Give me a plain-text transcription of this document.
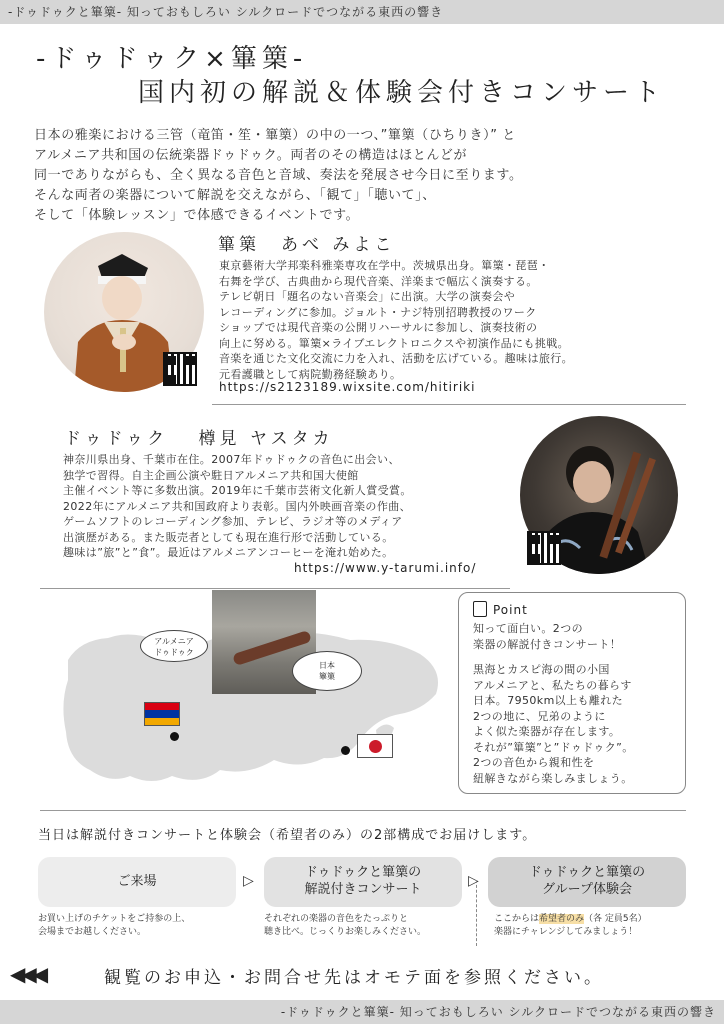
-ドゥドゥクと篳篥- 知っておもしろい シルクロードでつながる東西の響き
-ドゥドゥク×篳篥-
国内初の解説＆体験会付きコンサート

日本の雅楽における三管（竜笛・笙・篳篥）の中の一つ、”篳篥（ひちりき）” と

アルメニア共和国の伝統楽器ドゥドゥク。両者のその構造はほとんどが

同一でありながらも、全く異なる音色と音域、奏法を発展させ今日に至ります。

そんな両者の楽器について解説を交えながら、「観て」「聴いて」、

そして「体験レッスン」で体感できるイベントです。

篳篥　あべ みよこ

東京藝術大学邦楽科雅楽専攻在学中。茨城県出身。篳篥・琵琶・

右舞を学び、古典曲から現代音楽、洋楽まで幅広く演奏する。

テレビ朝日「題名のない音楽会」に出演。大学の演奏会や

レコーディングに参加。ジョルト・ナジ特別招聘教授のワーク

ショップでは現代音楽の公開リハーサルに参加し、演奏技術の

向上に努める。篳篥×ライブエレクトロニクスや初演作品にも挑戦。

音楽を通じた文化交流に力を入れ、活動を広げている。趣味は旅行。

元看護職として病院勤務経験あり。

https://s2123189.wixsite.com/hitiriki
ドゥドゥク　 樽見 ヤスタカ

神奈川県出身、千葉市在住。2007年ドゥドゥクの音色に出会い、

独学で習得。自主企画公演や駐日アルメニア共和国大使館

主催イベント等に多数出演。2019年に千葉市芸術文化新人賞受賞。

2022年にアルメニア共和国政府より表彰。国内外映画音楽の作曲、

ゲームソフトのレコーディング参加、テレビ、ラジオ等のメディア

出演歴がある。また販売者としても現在進行形で活動している。

趣味は”旅”と”食”。最近はアルメニアンコーヒーを淹れ始めた。

https://www.y-tarumi.info/
アルメニア
ドゥドゥク
日本
篳篥
Point

知って面白い。2つの

楽器の解説付きコンサート！

黒海とカスピ海の間の小国

アルメニアと、私たちの暮らす

日本。7950km以上も離れた

2つの地に、兄弟のように

よく似た楽器が存在します。

それが”篳篥”と”ドゥドゥク”。

2つの音色から親和性を

紐解きながら楽しみましょう。

当日は解説付きコンサートと体験会（希望者のみ）の2部構成でお届けします。
ご来場	▷
ドゥドゥクと篳篥の
解説付きコンサート
▷
ドゥドゥクと篳篥の
グループ体験会

お買い上げのチケットをご持参の上、

会場までお越しください。

それぞれの楽器の音色をたっぷりと

聴き比べ。じっくりお楽しみください。

ここからは希望者のみ（各 定員5名）

楽器にチャレンジしてみましょう！

◀◀◀	観覧のお申込・お問合せ先はオモテ面を参照ください。
-ドゥドゥクと篳篥- 知っておもしろい シルクロードでつながる東西の響き
